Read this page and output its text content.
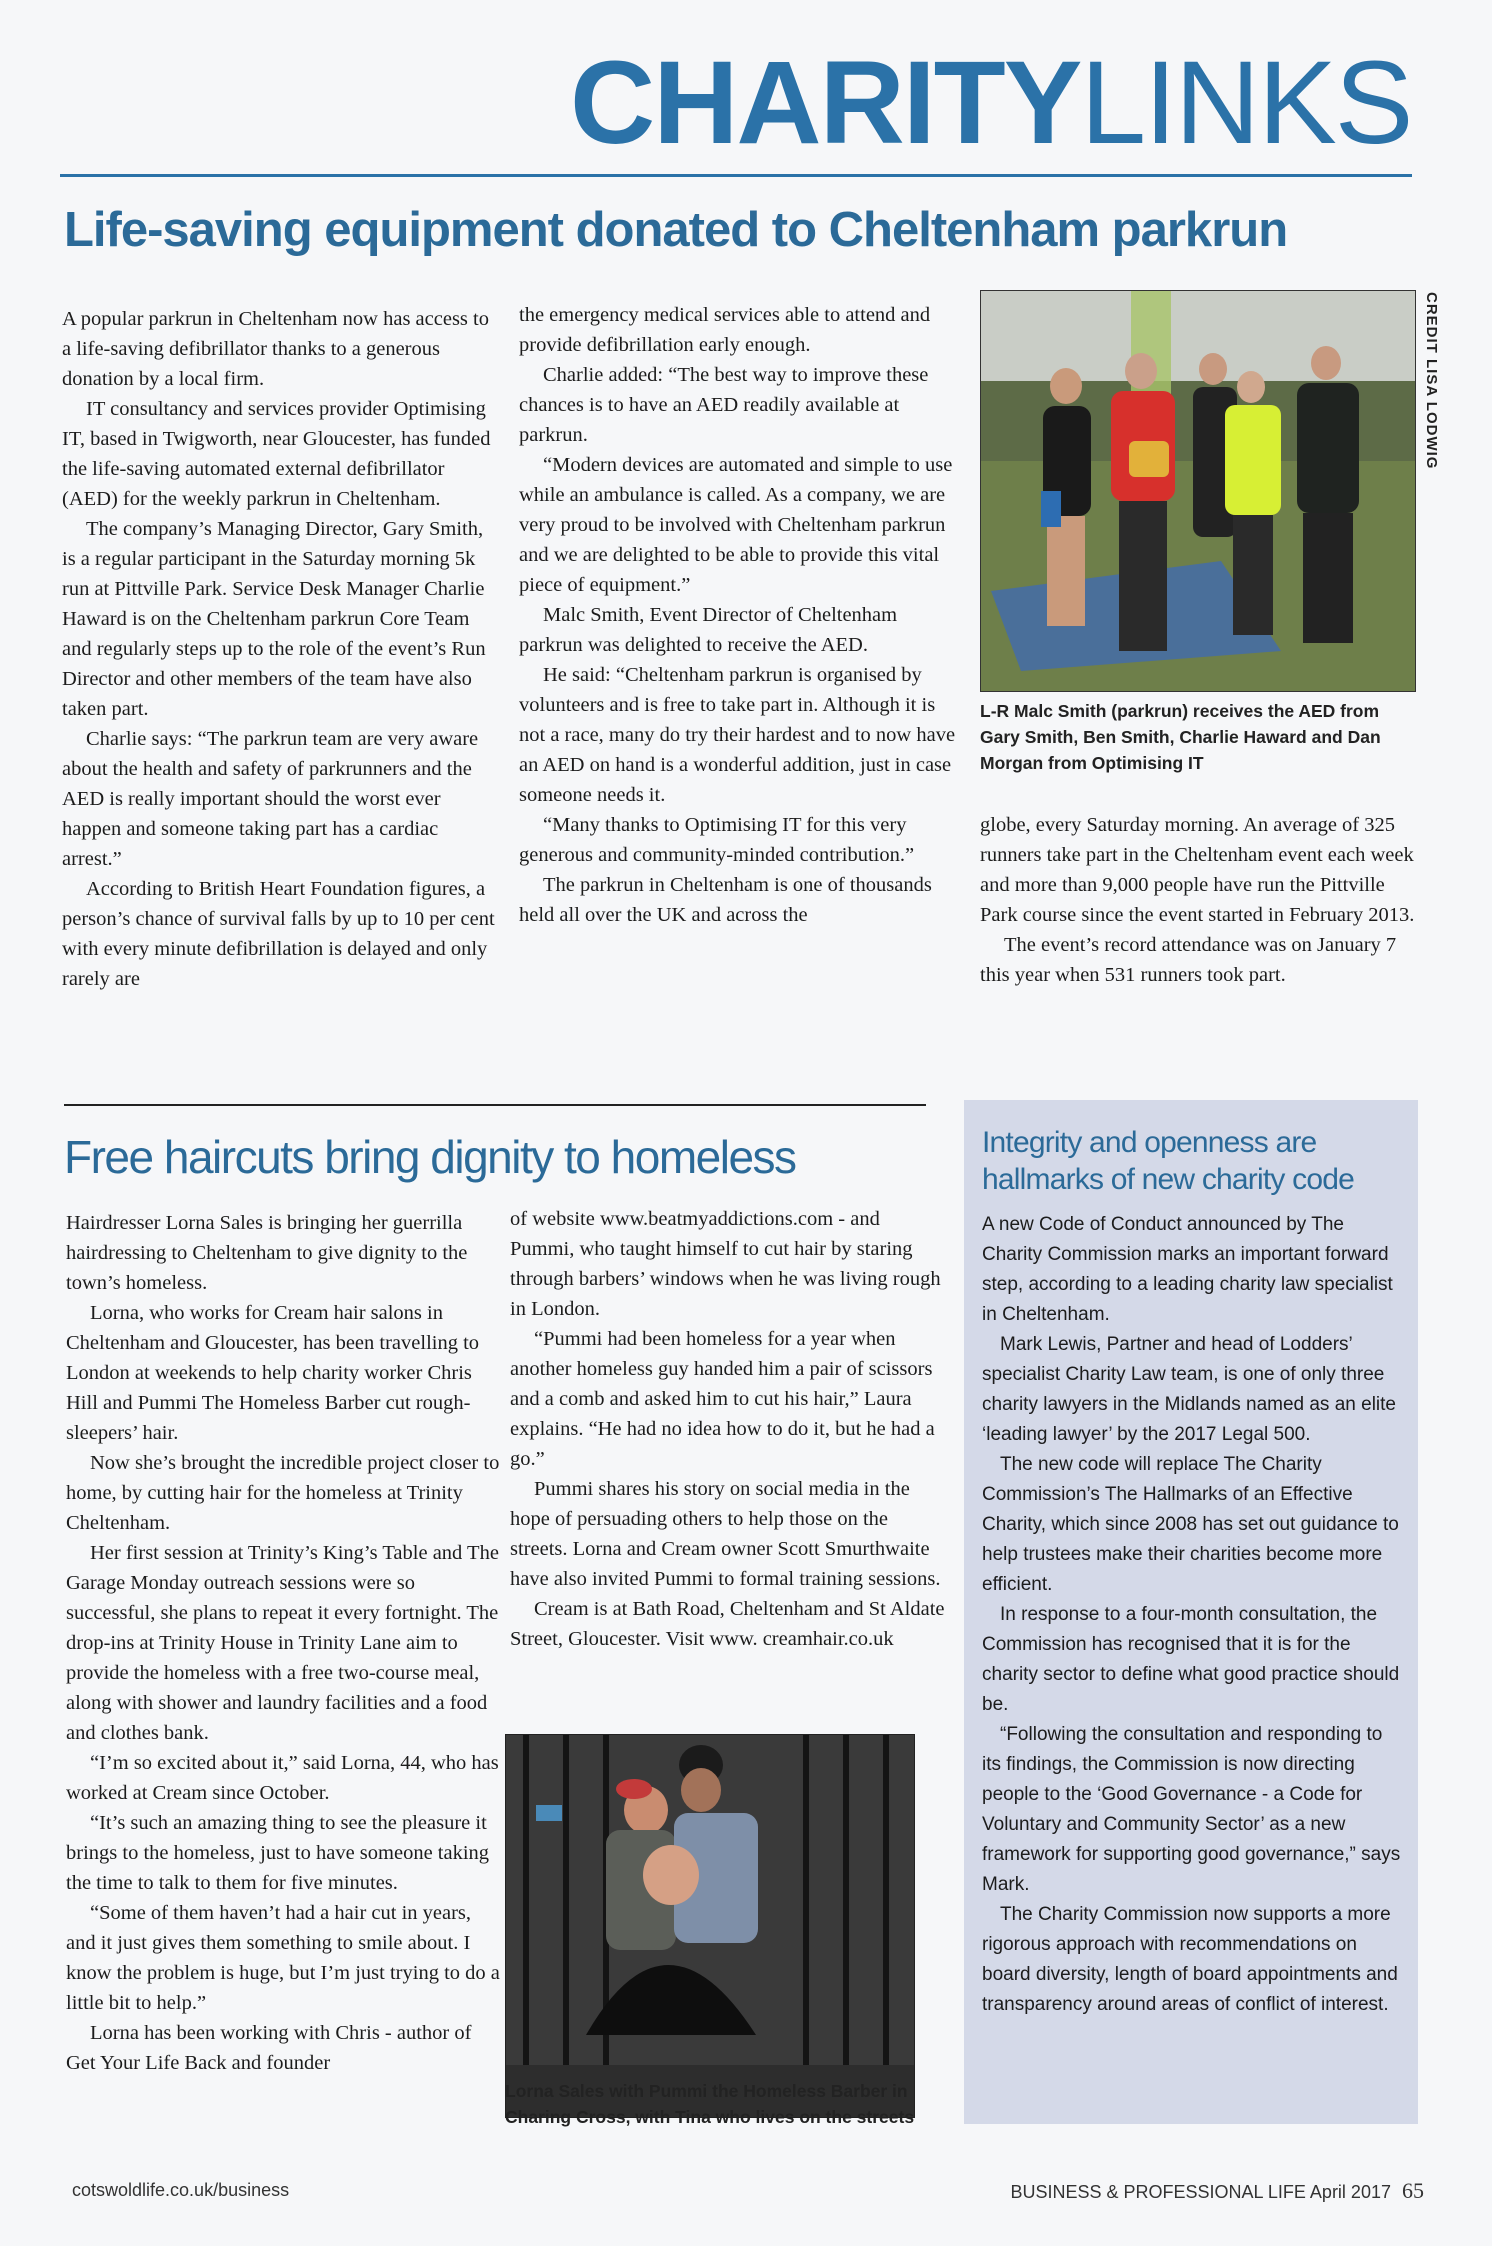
CHARITYLINKS
Life-saving equipment donated to Cheltenham parkrun

A popular parkrun in Cheltenham now has access to a life-saving defibrillator thanks to a generous donation by a local firm.

IT consultancy and services provider Optimising IT, based in Twigworth, near Gloucester, has funded the life-saving automated external defibrillator (AED) for the weekly parkrun in Cheltenham.

The company’s Managing Director, Gary Smith, is a regular participant in the Saturday morning 5k run at Pittville Park. Service Desk Manager Charlie Haward is on the Cheltenham parkrun Core Team and regularly steps up to the role of the event’s Run Director and other members of the team have also taken part.

Charlie says: “The parkrun team are very aware about the health and safety of parkrunners and the AED is really important should the worst ever happen and someone taking part has a cardiac arrest.”

According to British Heart Foundation figures, a person’s chance of survival falls by up to 10 per cent with every minute defibrillation is delayed and only rarely are

the emergency medical services able to attend and provide defibrillation early enough.

Charlie added: “The best way to improve these chances is to have an AED readily available at parkrun.

“Modern devices are automated and simple to use while an ambulance is called. As a company, we are very proud to be involved with Cheltenham parkrun and we are delighted to be able to provide this vital piece of equipment.”

Malc Smith, Event Director of Cheltenham parkrun was delighted to receive the AED.

He said: “Cheltenham parkrun is organised by volunteers and is free to take part in. Although it is not a race, many do try their hardest and to now have an AED on hand is a wonderful addition, just in case someone needs it.

“Many thanks to Optimising IT for this very generous and community-minded contribution.”

The parkrun in Cheltenham is one of thousands held all over the UK and across the

CREDIT LISA LODWIG
L-R Malc Smith (parkrun) receives the AED from Gary Smith, Ben Smith, Charlie Haward and Dan Morgan from Optimising IT

globe, every Saturday morning. An average of 325 runners take part in the Cheltenham event each week and more than 9,000 people have run the Pittville Park course since the event started in February 2013.

The event’s record attendance was on January 7 this year when 531 runners took part.

Free haircuts bring dignity to homeless

Hairdresser Lorna Sales is bringing her guerrilla hairdressing to Cheltenham to give dignity to the town’s homeless.

Lorna, who works for Cream hair salons in Cheltenham and Gloucester, has been travelling to London at weekends to help charity worker Chris Hill and Pummi The Homeless Barber cut rough-sleepers’ hair.

Now she’s brought the incredible project closer to home, by cutting hair for the homeless at Trinity Cheltenham.

Her first session at Trinity’s King’s Table and The Garage Monday outreach sessions were so successful, she plans to repeat it every fortnight. The drop-ins at Trinity House in Trinity Lane aim to provide the homeless with a free two-course meal, along with shower and laundry facilities and a food and clothes bank.

“I’m so excited about it,” said Lorna, 44, who has worked at Cream since October.

“It’s such an amazing thing to see the pleasure it brings to the homeless, just to have someone taking the time to talk to them for five minutes.

“Some of them haven’t had a hair cut in years, and it just gives them something to smile about. I know the problem is huge, but I’m just trying to do a little bit to help.”

Lorna has been working with Chris - author of Get Your Life Back and founder

of website www.beatmyaddictions.com - and Pummi, who taught himself to cut hair by staring through barbers’ windows when he was living rough in London.

“Pummi had been homeless for a year when another homeless guy handed him a pair of scissors and a comb and asked him to cut his hair,” Laura explains. “He had no idea how to do it, but he had a go.”

Pummi shares his story on social media in the hope of persuading others to help those on the streets. Lorna and Cream owner Scott Smurthwaite have also invited Pummi to formal training sessions.

Cream is at Bath Road, Cheltenham and St Aldate Street, Gloucester. Visit www. creamhair.co.uk

Lorna Sales with Pummi the Homeless Barber in Charing Cross, with Tina who lives on the streets
Integrity and openness are hallmarks of new charity code

A new Code of Conduct announced by The Charity Commission marks an important forward step, according to a leading charity law specialist in Cheltenham.

Mark Lewis, Partner and head of Lodders’ specialist Charity Law team, is one of only three charity lawyers in the Midlands named as an elite ‘leading lawyer’ by the 2017 Legal 500.

The new code will replace The Charity Commission’s The Hallmarks of an Effective Charity, which since 2008 has set out guidance to help trustees make their charities become more efficient.

In response to a four-month consultation, the Commission has recognised that it is for the charity sector to define what good practice should be.

“Following the consultation and responding to its findings, the Commission is now directing people to the ‘Good Governance - a Code for Voluntary and Community Sector’ as a new framework for supporting good governance,” says Mark.

The Charity Commission now supports a more rigorous approach with recommendations on board diversity, length of board appointments and transparency around areas of conflict of interest.

cotswoldlife.co.uk/business	BUSINESS & PROFESSIONAL LIFE April 2017 65
